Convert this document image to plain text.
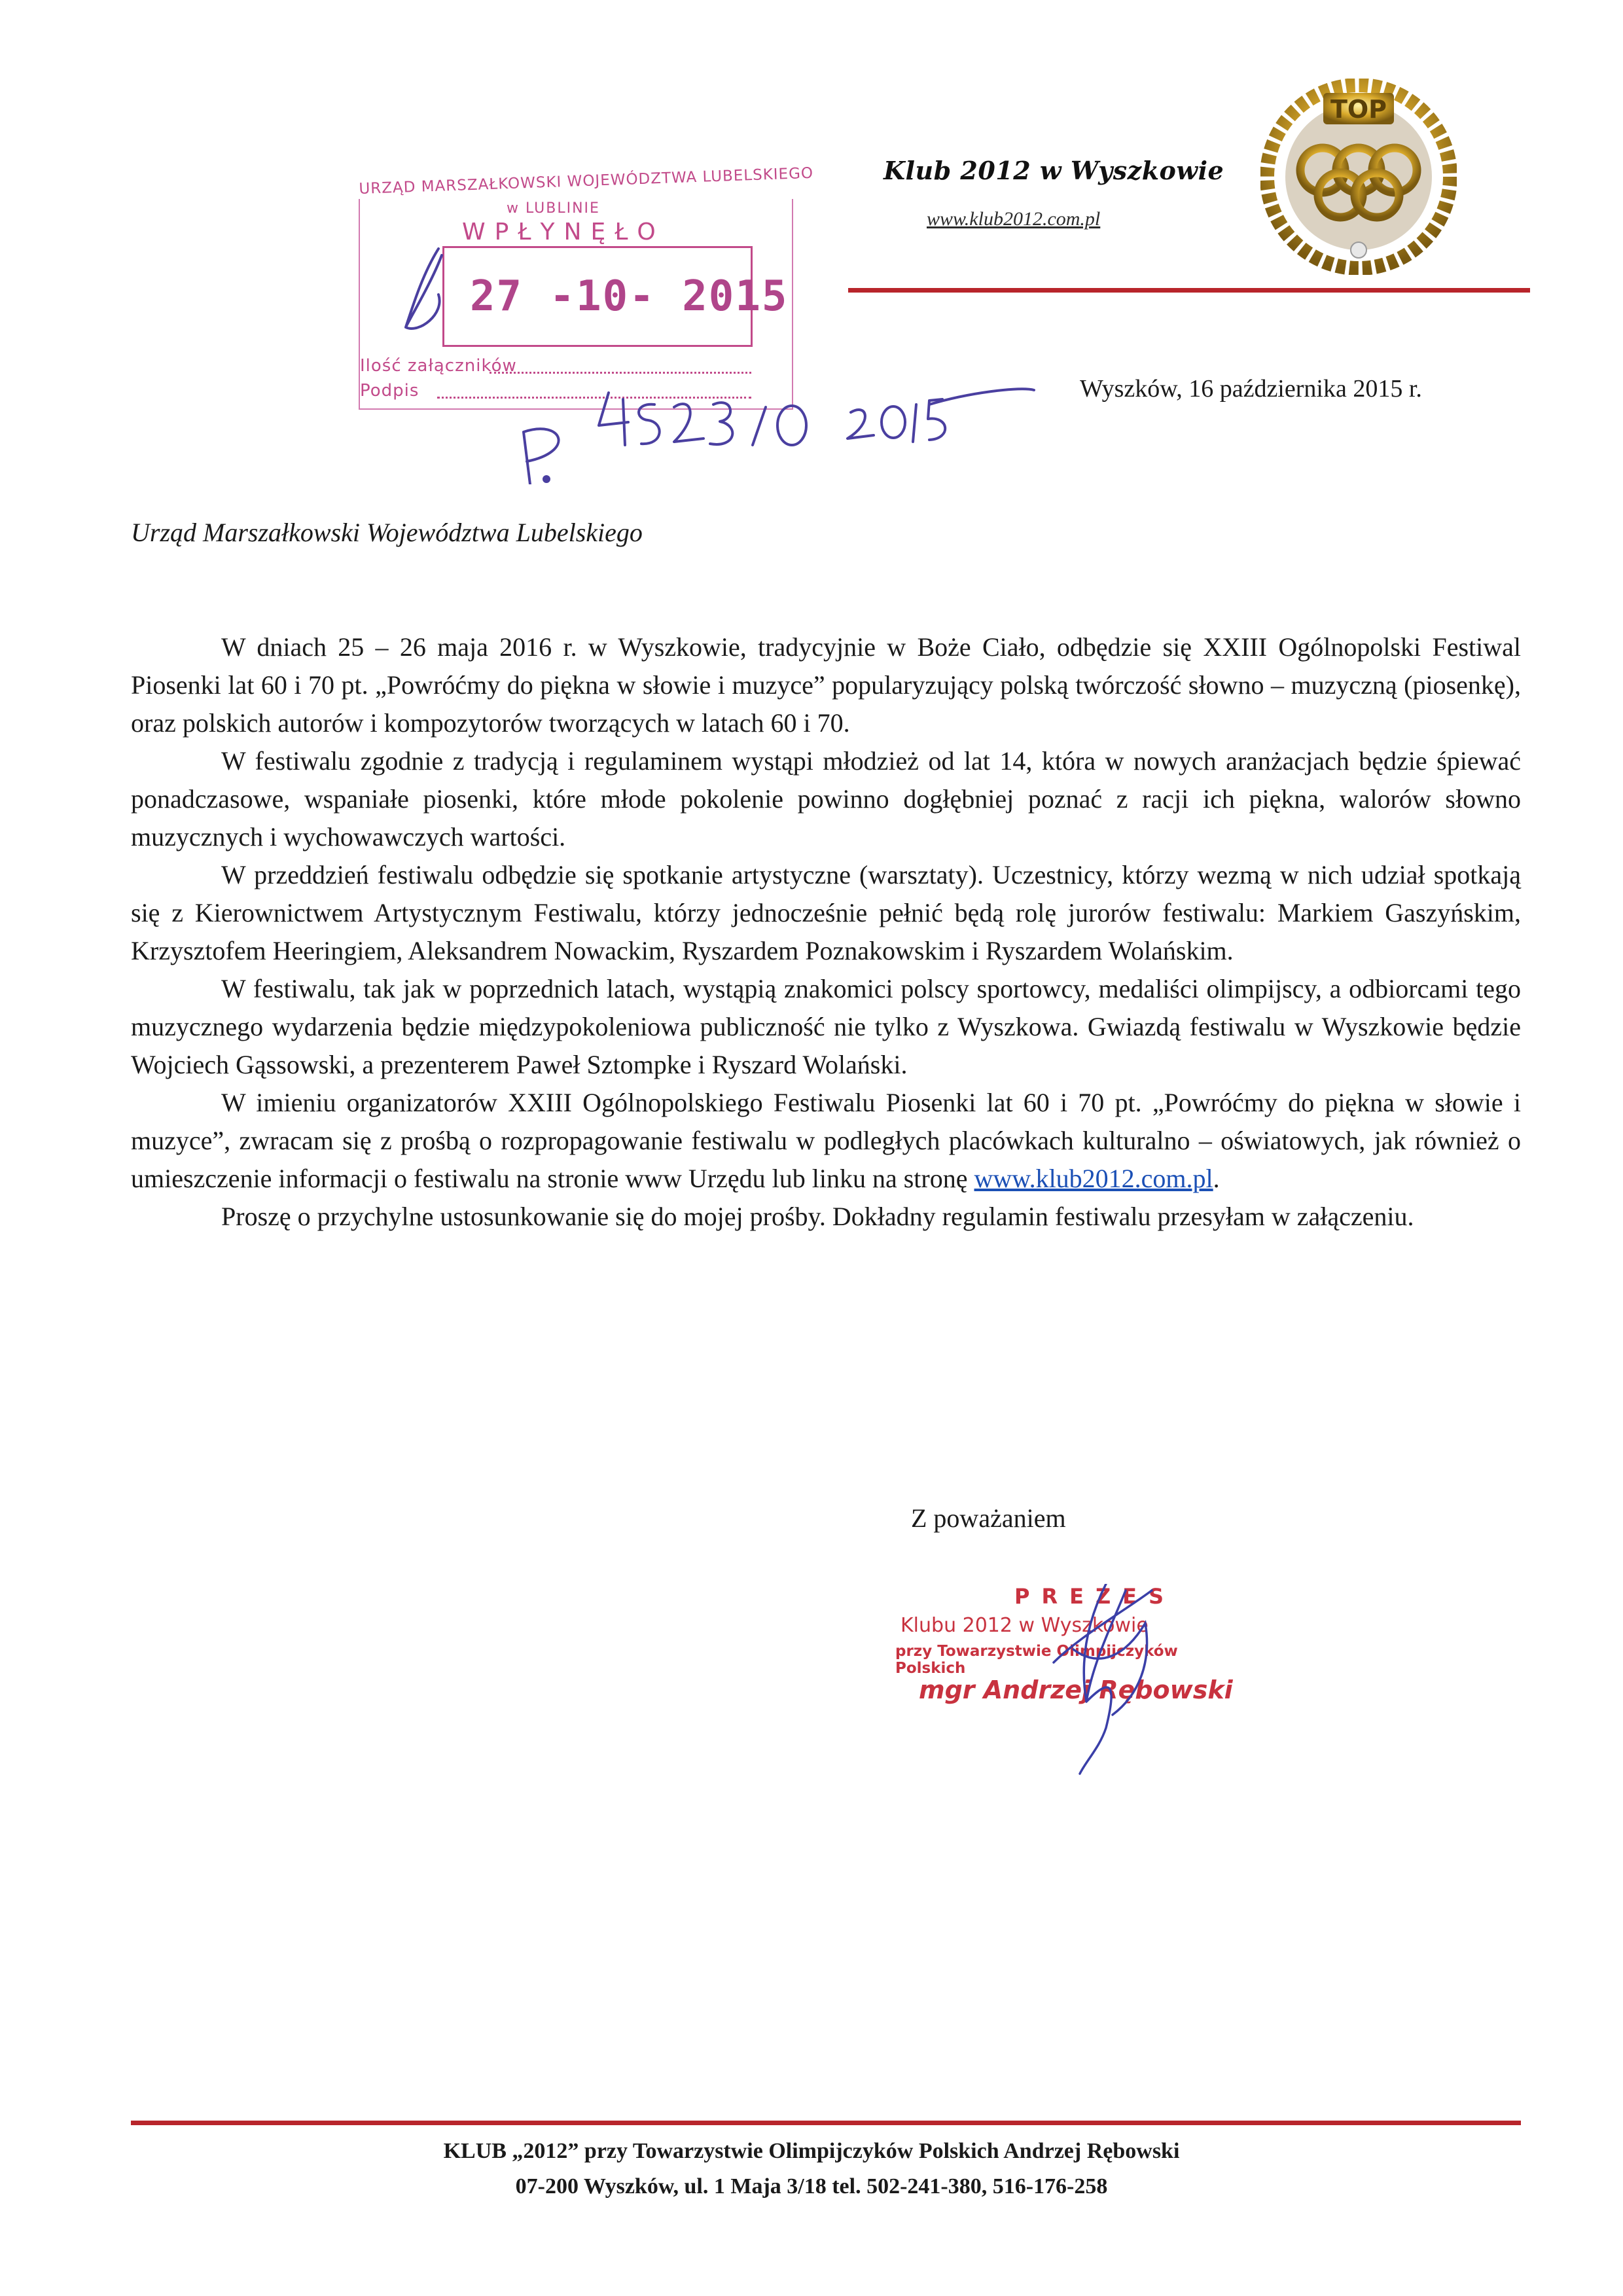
Klub 2012 w Wyszkowie
www.klub2012.com.pl
TOP
URZĄD MARSZAŁKOWSKI WOJEWÓDZTWA LUBELSKIEGO
w LUBLINIE
WPŁYNĘŁO
27 -10- 2015
Ilość załączników
Podpis	Wyszków, 16 października 2015 r.
Urząd Marszałkowski Województwa Lubelskiego

W dniach 25 – 26 maja 2016 r. w Wyszkowie, tradycyjnie w Boże Ciało, odbędzie się XXIII Ogólnopolski Festiwal Piosenki lat 60 i 70 pt. „Powróćmy do piękna w słowie i muzyce” popularyzujący polską twórczość słowno – muzyczną (piosenkę), oraz polskich autorów i kompozytorów tworzących w latach 60 i 70.

W festiwalu zgodnie z tradycją i regulaminem wystąpi młodzież od lat 14, która w nowych aranżacjach będzie śpiewać ponadczasowe, wspaniałe piosenki, które młode pokolenie powinno dogłębniej poznać z racji ich piękna, walorów słowno muzycznych i wychowawczych wartości.

W przeddzień festiwalu odbędzie się spotkanie artystyczne (warsztaty). Uczestnicy, którzy wezmą w nich udział spotkają się z Kierownictwem Artystycznym Festiwalu, którzy jednocześnie pełnić będą rolę jurorów festiwalu: Markiem Gaszyńskim, Krzysztofem Heeringiem, Aleksandrem Nowackim, Ryszardem Poznakowskim i Ryszardem Wolańskim.

W festiwalu, tak jak w poprzednich latach, wystąpią znakomici polscy sportowcy, medaliści olimpijscy, a odbiorcami tego muzycznego wydarzenia będzie międzypokoleniowa publiczność nie tylko z Wyszkowa. Gwiazdą festiwalu w Wyszkowie będzie Wojciech Gąssowski, a prezenterem Paweł Sztompke i Ryszard Wolański.

W imieniu organizatorów XXIII Ogólnopolskiego Festiwalu Piosenki lat 60 i 70 pt. „Powróćmy do piękna w słowie i muzyce”, zwracam się z prośbą o rozpropagowanie festiwalu w podległych placówkach kulturalno – oświatowych, jak również o umieszczenie informacji o festiwalu na stronie www Urzędu lub linku na stronę www.klub2012.com.pl.

Proszę o przychylne ustosunkowanie się do mojej prośby. Dokładny regulamin festiwalu przesyłam w załączeniu.

Z poważaniem
PREZES
Klubu 2012 w Wyszkowie
przy Towarzystwie Olimpijczyków Polskich
mgr Andrzej Rębowski
KLUB „2012” przy Towarzystwie Olimpijczyków Polskich Andrzej Rębowski
07-200 Wyszków, ul. 1 Maja 3/18 tel. 502-241-380, 516-176-258
